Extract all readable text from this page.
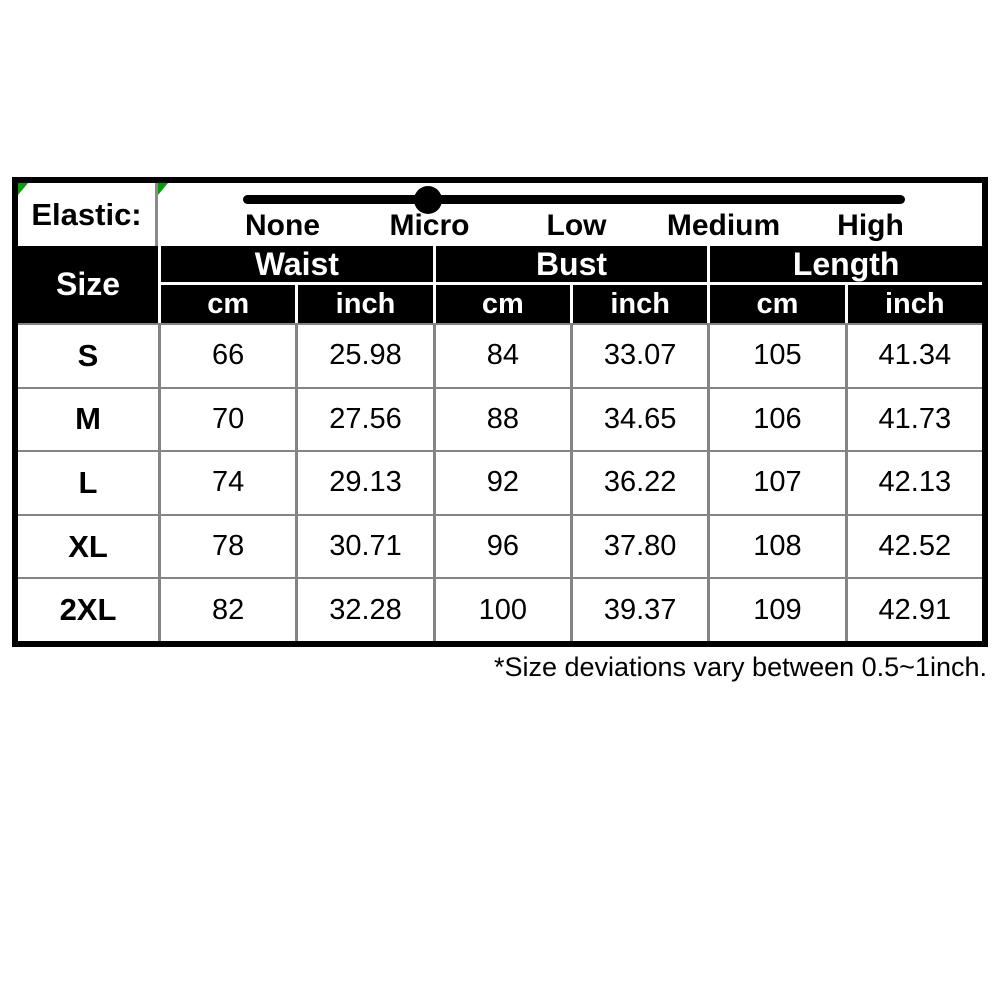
Elastic:	None	Micro	Low	Medium	High
Size
Waist	Bust	Length
cm	inch	cm	inch	cm	inch
S	66	25.98	84	33.07	105	41.34
M	70	27.56	88	34.65	106	41.73
L	74	29.13	92	36.22	107	42.13
XL	78	30.71	96	37.80	108	42.52
2XL	82	32.28	100	39.37	109	42.91
*Size deviations vary between 0.5~1inch.
